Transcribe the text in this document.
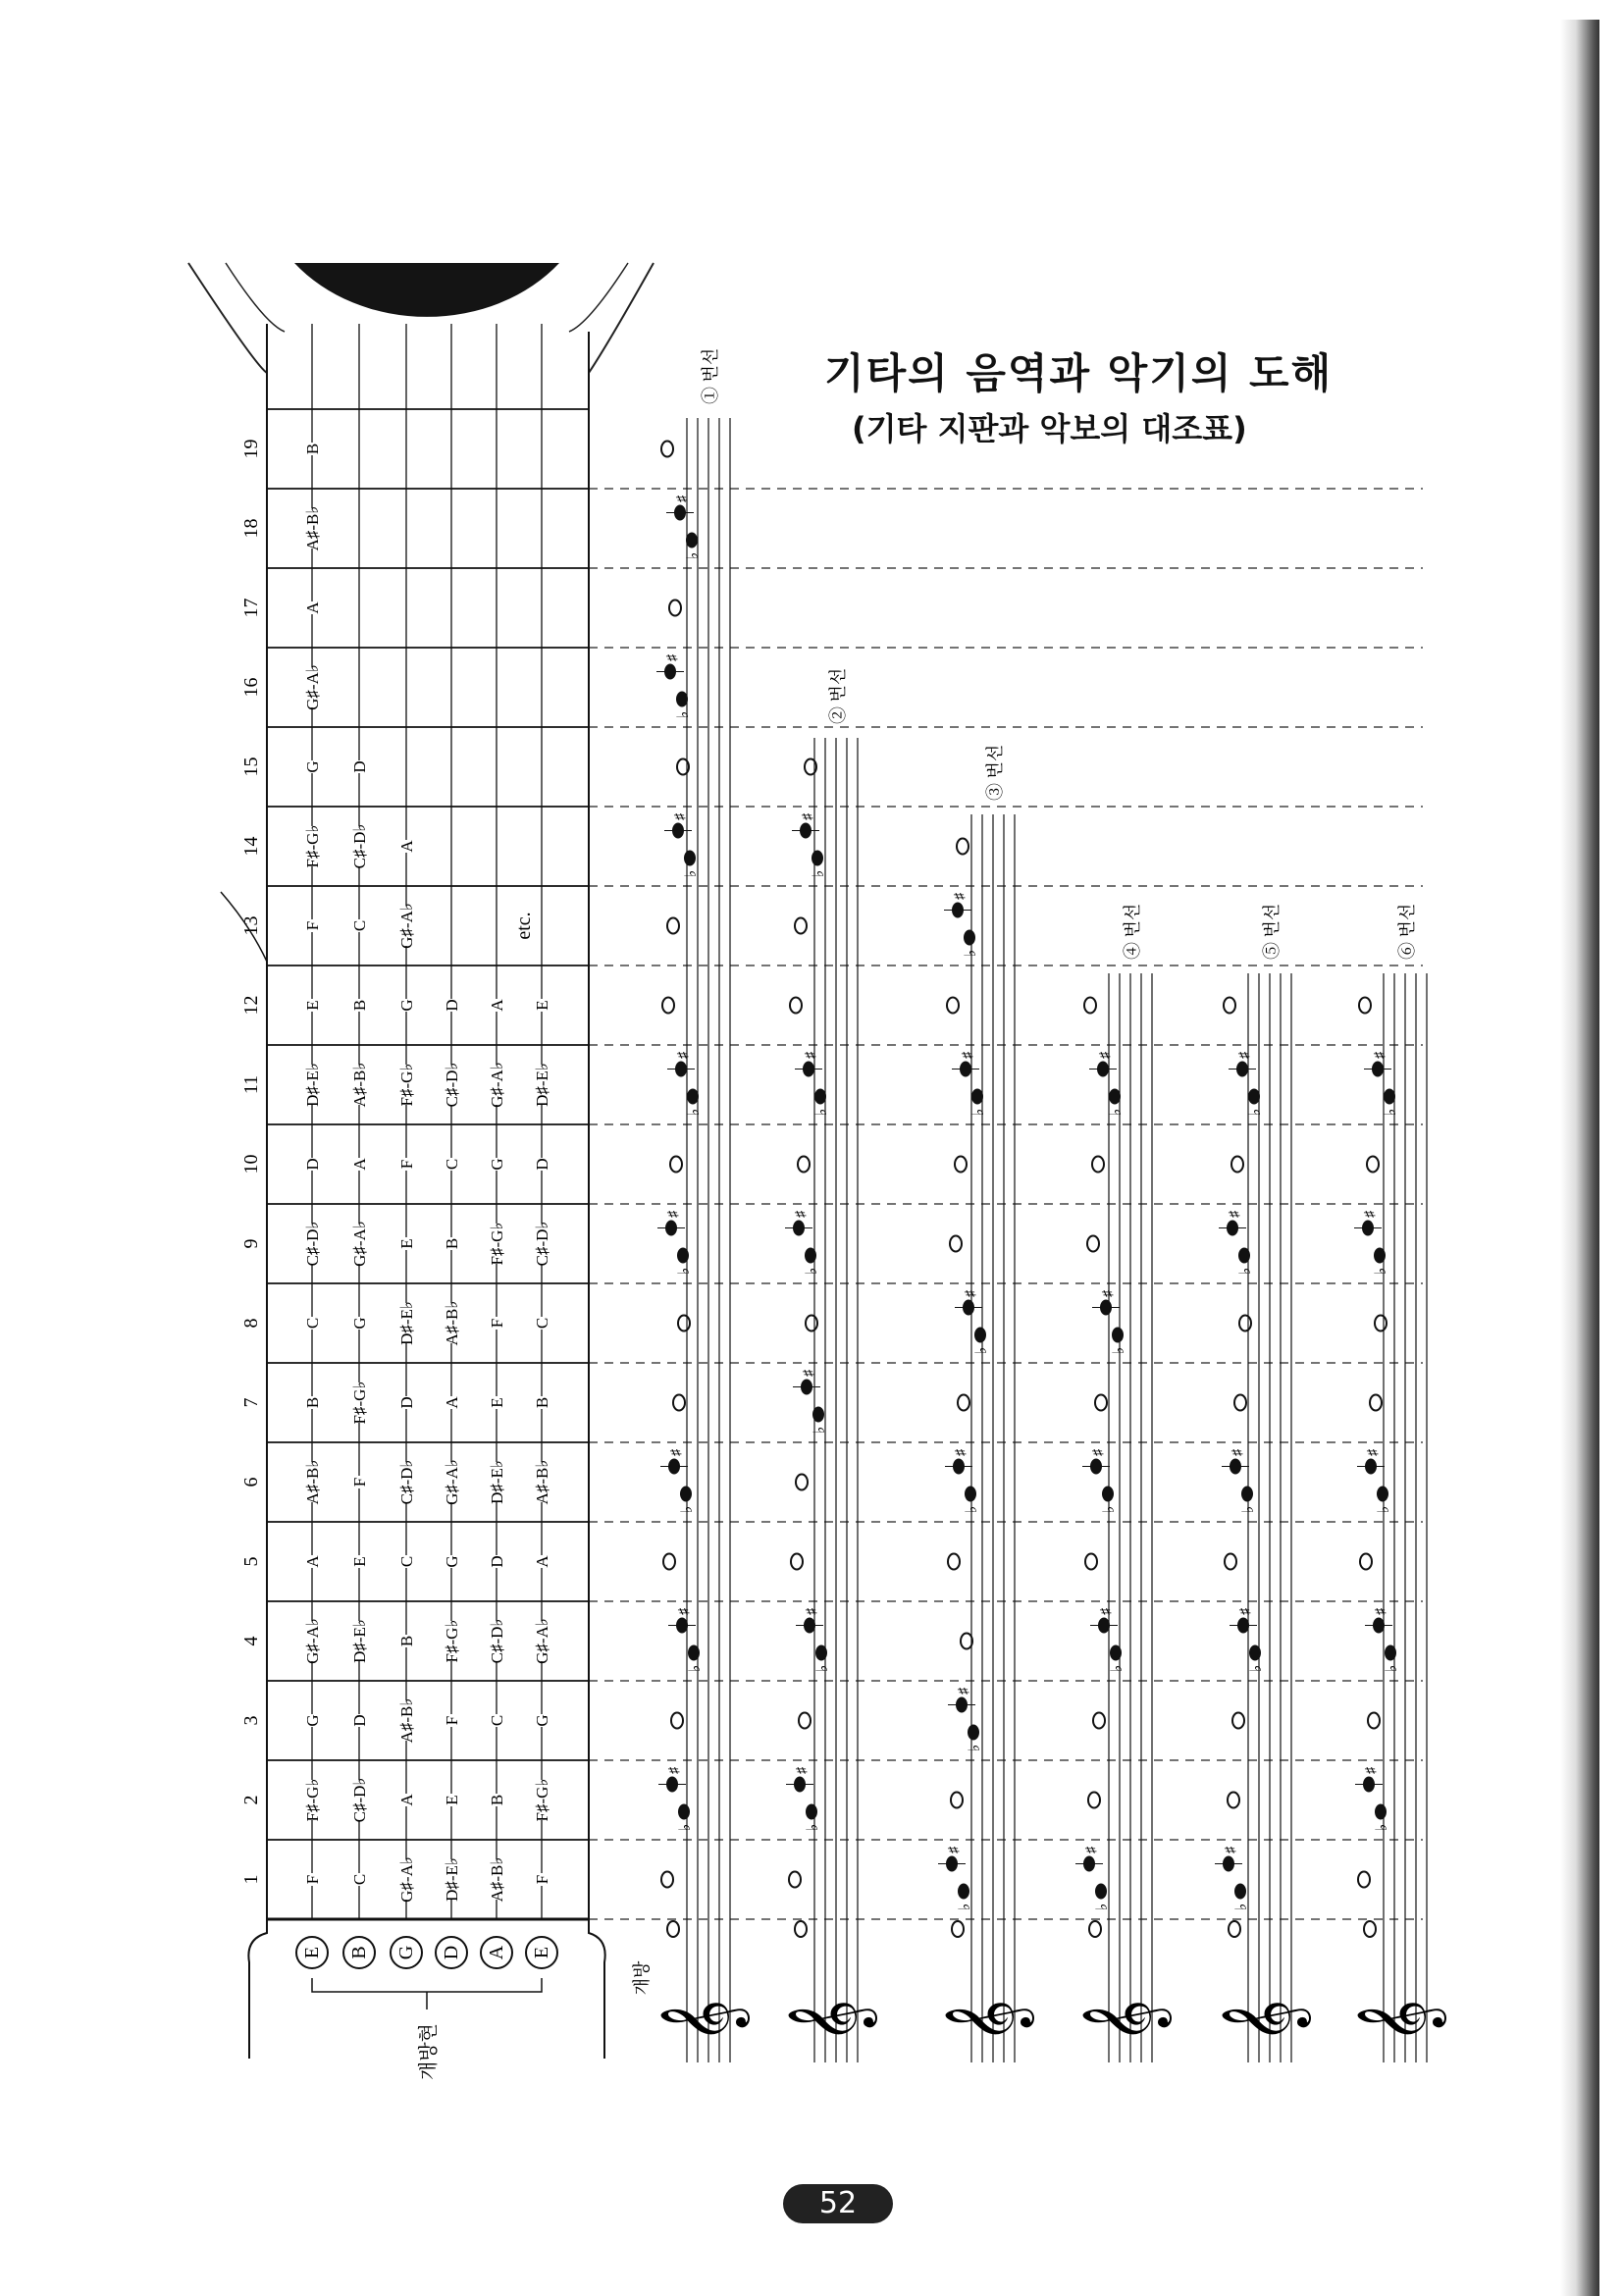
기타의 음역과 악기의 도해
(기타 지판과 악보의 대조표)
1
2
3
4
5
6
7
8
9
10
11
12
13
14
15
16
17
18
19
F
F♯-G♭
G
G♯-A♭
A
A♯-B♭
B
C
C♯-D♭
D
D♯-E♭
E
F
F♯-G♭
G
G♯-A♭
A
A♯-B♭
B
E
C
C♯-D♭
D
D♯-E♭
E
F
F♯-G♭
G
G♯-A♭
A
A♯-B♭
B
C
C♯-D♭
D
B
G♯-A♭
A
A♯-B♭
B
C
C♯-D♭
D
D♯-E♭
E
F
F♯-G♭
G
G♯-A♭
A
G
D♯-E♭
E
F
F♯-G♭
G
G♯-A♭
A
A♯-B♭
B
C
C♯-D♭
D
D
A♯-B♭
B
C
C♯-D♭
D
D♯-E♭
E
F
F♯-G♭
G
G♯-A♭
A
A
F
F♯-G♭
G
G♯-A♭
A
A♯-B♭
B
C
C♯-D♭
D
D♯-E♭
E
E
etc.
개방현
① 번선
𝄞
♯
♭
♯
♭
♯
♭
♯
♭
♯
♭
♯
♭
♯
♭
♯
♭
② 번선
𝄞
♯
♭
♯
♭
♯
♭
♯
♭
♯
♭
♯
♭
③ 번선
𝄞
♯
♭
♯
♭
♯
♭
♯
♭
♯
♭
♯
♭	④ 번선
𝄞
♯
♭
♯
♭
♯
♭
♯
♭
♯
♭
⑤ 번선
𝄞
♯
♭
♯
♭
♯
♭
♯
♭
♯
♭
⑥ 번선
𝄞
♯
♭
♯
♭
♯
♭
♯
♭
♯
♭
개방
52
